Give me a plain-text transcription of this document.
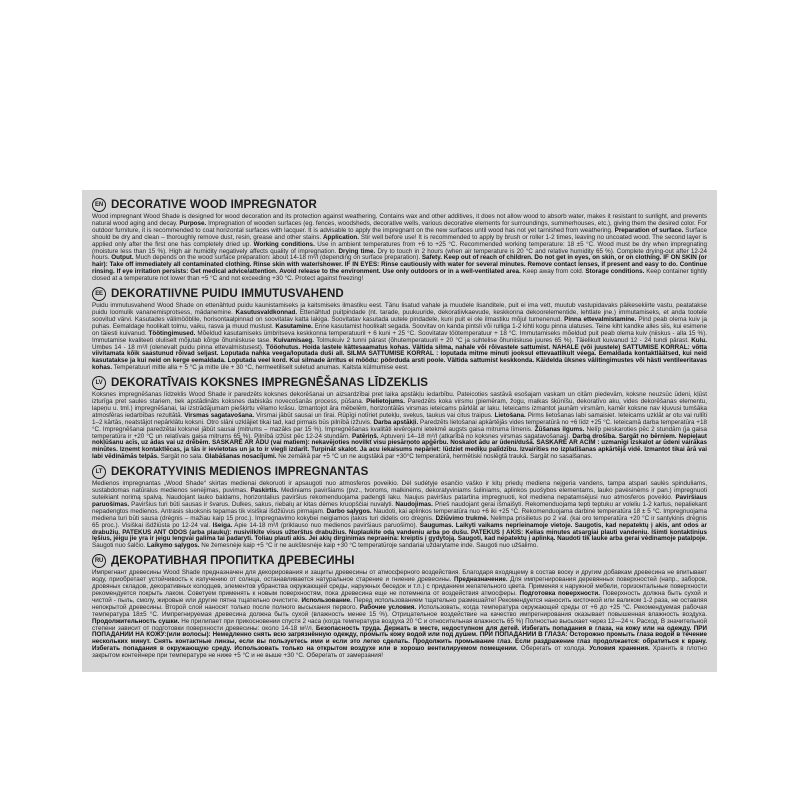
EN DECORATIVE WOOD IMPREGNATOR

Wood impregnant Wood Shade is designed for wood decoration and its protection against weathering. Contains wax and other additives, it does not allow wood to absorb water, makes it resistant to sunlight, and prevents natural wood aging and decay. Purpose. Impregnation of wooden surfaces (eg. fences, woodsheds, decorative wells, various decorative elements for surroundings, summerhouses, etc.), giving them the desired color. For outdoor furniture, it is recommended to coat horizontal surfaces with lacquer. It is advisable to apply the impregnant on the new surfaces until wood has not yet tarnished from weathering. Preparation of surface. Surface should be dry and clean – thoroughly remove dust, resin, grease and other stains. Application. Stir well before use! It is recommended to apply by brush or roller 1-2 times, leaving no uncoated wood. The second layer is applied only after the first one has completely dried up. Working conditions. Use in ambient temperatures from +6 to +25 °C. Recommended working temperature: 18 ±5 °C. Wood must be dry when impregnating (moisture less than 15 %). High air humidity negatively affects quality of impregnation. Drying time. Dry to touch in 2 hours (when air temperature is 20 °C and relative humidity 65 %). Complete drying-out after 12-24 hours. Output. Much depends on the wood surface preparation: about 14-18 m²/l (depending on surface preparation). Safety. Keep out of reach of children. Do not get in eyes, on skin, or on clothing. IF ON SKIN (or hair): Take off immediately all contaminated clothing. Rinse skin with water/shower. IF IN EYES: Rinse cautiously with water for several minutes. Remove contact lenses, if present and easy to do. Continue rinsing. If eye irritation persists: Get medical advice/attention. Avoid release to the environment. Use only outdoors or in a well-ventilated area. Keep away from cold. Storage conditions. Keep container tightly closed at a temperature not lower than +5 °C and not exceeding +30 °C. Protect against freezing!

EE DEKORATIIVNE PUIDU IMMUTUSVAHEND

Puidu immutusvahend Wood Shade on ettenähtud puidu kaunistamiseks ja kaitsmiseks ilmastiku eest. Tänu lisatud vahale ja muudele lisanditele, puit ei ima vett, muutub vastupidavaks päikesekiirte vastu, peatatakse puidu loomulik vananemisprotsess, mädanemine. Kasutusvaldkonnad. Ettenähtud puitpindade (nt. tarade, puukuuride, dekoratiivkaevude, keskkonna dekoorelementide, lehtlate jne.) immutamiseks, et anda tootele soovitud värvi. Kasutades välimööblile, horisontaalpinnad on soovitatav katta lakiga. Soovitatav kasutada uutele pindadele, kuni puit ei ole ilmastiku mõjul tumenenud. Pinna ettevalmistamine. Pind peab olema kuiv ja puhas. Eemaldage hoolikalt tolmu, vaiku, rasva ja muud mustust. Kasutamine. Enne kasutamist hoolikalt segada. Soovitav on kanda pintsli või rulliga 1-2 kihti kogu pinna ulatuses. Teine kiht kandke alles siis, kui esimene on täiesti kuivanud. Töötingimused. Mõeldud kasutamiseks ümbritseva keskkonna temperatuuril + 6 kuni + 25 °C. Soovitatav töötemperatuur + 18 °C. Immutamiseks mõeldud puit peab olema kuiv (niiskus - alla 15 %). Immutamise kvaliteeti oluliselt mõjutab kõrge õhuniiskuse tase. Kuivamisaeg. Tolmukuiv 2 tunni pärast (õhutemperatuuril + 20 °C ja suhtelise õhuniiskuse juures 65 %). Täielikult kuivanud 12 - 24 tundi pärast. Kulu. Umbes 14 - 18 m²/l (olenevalt puidu pinna ettevalmistusest). Tööohutus. Hoida lastele kättesaamatus kohas. Vältida silma, nahale või rõivastele sattumist. NAHALE (või juustele) SATTUMISE KORRAL: võtta viivitamata kõik saastunud rõivad seljast. Loputada nahka veega/loputada duši all. SILMA SATTUMISE KORRAL : loputada mitme minuti jooksul ettevaatlikult veega. Eemaldada kontaktläätsed, kui neid kasutatakse ja kui neid on kerge eemaldada. Loputada veel kord. Kui silmade ärritus ei möödu: pöörduda arsti poole. Vältida sattumist keskkonda. Käidelda üksnes välitingimustes või hästi ventileeritavas kohas. Temperatuuri mitte alla + 5 °C ja mitte üle + 30 °C, hermeetiliselt suletud anumas. Kaitsta külmumise eest.

LV DEKORATĪVAIS KOKSNES IMPREGNĒŠANAS LĪDZEKLIS

Koksnes impregnēšanas līdzeklis Wood Shade ir paredzēts koksnes dekorēšanai un aizsardzībai pret laika apstākļu iedarbību. Pateicoties sastāvā esošajam vaskam un citām piedevām, koksne neuzsūc ūdeni, kļūst izturīga pret saules stariem, tiek apstādināts koksnes dabiskās novecošanās process, pūšana. Pielietojums. Paredzēts koka virsmu (piemēram, žogu, malkas šķūnīšu, dekoratīvo aku, vides dekorēšanas elementu, lapeņu u. tml.) impregnēšanai, lai izstrādājumam piešķirtu vēlamo krāsu. Izmantojot āra mēbelēm, horizontālās virsmas ieteicams pārklāt ar laku. Ieteicams izmantot jaunām virsmām, kamēr koksne nav kļuvusi tumšāka atmosfēras iedarbības rezultātā. Virsmas sagatavošana. Virsmai jābūt sausai un tīrai. Rūpīgi notīriet putekļu, sveķus, taukus vai citus traipus. Lietošana. Pirms lietošanas labi samaisiet. Ieteicams uzklāt ar otu vai rullīti 1–2 kārtās, neatstājot nepārklātu koksni. Otro slāni uzklājiet tikai tad, kad pirmais būs pilnībā izžuvis. Darba apstākļi. Paredzēts lietošanai apkārtējās vides temperatūrā no +6 līdz +25 °C. Ieteicamā darba temperatūra +18 °C. Impregnēšanai paredzētai koksnei jābūt sausai (mitrums – mazāks par 15 %). Impregnēšanas kvalitāti ievērojami ietekmē augsts gaisa mitruma līmenis. Žūšanas ilgums. Nelīp pieskaroties pēc 2 stundām (ja gaisa temperatūra ir +20 °C un relatīvais gaisa mitrums 65 %). Pilnībā izžūst pēc 12-24 stundām. Patēriņš. Aptuveni 14–18 m²/l (atkarībā no koksnes virsmas sagatavošanas). Darba drošība. Sargāt no bērniem. Nepieļaut nokļūšanu acīs, uz ādas vai uz drēbēm. SASKARĒ AR ĀDU (vai matiem): nekavējoties novilkt visu piesārņoto apģērbu. Noskalot ādu ar ūdeni/dušā. SASKARĒ AR ACĪM : uzmanīgi izskalot ar ūdeni vairākas minūtes. Izņemt kontaktlēcas, ja tās ir ievietotas un ja to ir viegli izdarīt. Turpināt skalot. Ja acu iekaisums nepāriet: lūdziet mediķu palīdzību. Izvairīties no izplatīšanas apkārtējā vidē. Izmantot tikai ārā vai labi vēdināmās telpās. Sargāt no sala. Glabāšanas nosacījumi. Ne zemākā par +5 °C un ne augstākā par +30°C temperatūrā, hermētiski noslēgtā traukā. Sargāt no sasalšanas.

LT DEKORATYVINIS MEDIENOS IMPREGNANTAS

Medienos impregnantas „Wood Shade“ skirtas medienai dekoruoti ir apsaugoti nuo atmosferos poveikio. Dėl sudėtyje esančio vaško ir kitų priedų mediena neįgeria vandens, tampa atspari saulės spinduliams, sustabdomas natūralus medienos senėjimas, puvimas. Paskirtis. Mediniams paviršiams (pvz., tvoroms, malkinėms, dekoratyviniams šuliniams, aplinkos puošybos elementams, lauko pavėsinėms ir pan.) impregnuoti suteikiant norimą spalvą. Naudojant lauko baldams, horizontalius paviršius rekomenduojama padengti laku. Naujus paviršius patartina impregnuoti, kol mediena nepatamsėjusi nuo atmosferos poveikio. Paviršiaus paruošimas. Paviršius turi būti sausas ir švarus. Dulkes, sakus, riebalų ar kitas dėmes kruopščiai nuvalyti. Naudojimas. Prieš naudojant gerai išmaišyti. Rekomenduojama tepti teptuku ar voleliu 1-2 kartus, nepaliekant nepadengtos medienos. Antrasis sluoksnis tepamas tik visiškai išdžiūvus pirmajam. Darbo sąlygos. Naudoti, kai aplinkos temperatūra nuo +6 iki +25 °C. Rekomenduojama darbinė temperatūra 18 ± 5 °C. Impregnuojama mediena turi būti sausa (drėgnis – mažiau kaip 15 proc.). Impregnavimo kokybei neigiamos įtakos turi didelis oro drėgnis. Džiūvimo trukmė. Nelimpa prisilietus po 2 val. (kai oro temperatūra +20 °C ir santykinis drėgnis 65 proc.). Visiškai išdžiūsta po 12-24 val. Išeiga. Apie 14-18 m²/l (priklauso nuo medienos paviršiaus paruošimo). Saugumas. Laikyti vaikams neprieinamoje vietoje. Saugotis, kad nepatektų į akis, ant odos ar drabužių. PATEKUS ANT ODOS (arba plaukų): nusivilkite visus užterštus drabužius. Nuplaukite odą vandeniu arba po dušu. PATEKUS Į AKIS: Kelias minutes atsargiai plauti vandeniu. Išimti kontaktinius lęšius, jeigu jie yra ir jeigu lengvai galima tai padaryti. Toliau plauti akis. Jei akių dirginimas nepraeina: kreiptis į gydytoją. Saugoti, kad nepatektų į aplinką. Naudoti tik lauke arba gerai vėdinamoje patalpoje. Saugoti nuo šalčio. Laikymo sąlygos. Ne žemesnėje kaip +5 °C ir ne aukštesnėje kaip +30 °C temperatūroje sandariai uždarytame inde. Saugoti nuo užšalimo.

RU ДЕКОРАТИВНАЯ ПРОПИТКА ДРЕВЕСИНЫ

Импрегнант древесины Wood Shade предназначен для декорирования и защиты древесины от атмосферного воздействия. Благодаря входящему в состав воску и другим добавкам древесина не впитывает воду, приобретает устойчивость к излучению от солнца, останавливается натуральное старение и гниение древесины. Предназначение. Для импрегнирования деревянных поверхностей (напр., заборов, дровяных складов, декоративных колодцев, элементов убранства окружающей среды, наружных беседок и т.п.) с приданием желательного цвета. Применяя к наружной мебели, горизонтальные поверхности рекомендуется покрыть лаком. Советуем применять к новым поверхностям, пока древесина еще не потемнела от воздействия атмосферы. Подготовка поверхности. Поверхность должна быть сухой и чистой - пыль, смолу, жировые или другие пятна тщательно очистите. Использование. Перед использованием тщательно размешайте! Рекомендуется наносить кисточкой или валиком 1-2 раза, не оставляя непокрытой древесины. Второй слой наносят только после полного высыхания первого. Рабочие условия. Использовать, когда температура окружающей среды от +6 до +25 °C. Рекомендуемая рабочая температура 18±5 °C. Импрегнируемая древесина должна быть сухой (влажность менее 15 %). Отрицательное воздействие на качество импрегнирования оказывает повышенная влажность воздуха. Продолжительность сушки. Не прилипает при прикосновении спустя 2 часа (когда температура воздуха 20 °C и относительная влажность 65 %) Полностью высыхает через 12—24 ч. Расход. В значительной степени зависит от подготовки поверхности древесины: около 14-18 м²/л. Безопасность труда. Держать в месте, недоступном для детей. Избегать попадания в глаза, на кожу или на одежду. ПРИ ПОПАДАНИИ НА КОЖУ:(или волосы): Немедленно снять всю загрязнённую одежду, промыть кожу водой или под душем. ПРИ ПОПАДАНИИ В ГЛАЗА: Осторожно промыть глаза водой в течение нескольких минут. Снять контактные линзы, если вы пользуетесь ими и если это легко сделать. Продолжить промывание глаз. Если раздражение глаз продолжается: обратиться к врачу. Избегать попадания в окружающую среду. Использовать только на открытом воздухе или в хорошо вентилируемом помещении. Оберегать от холода. Условия хранения. Хранить в плотно закрытом контейнере при температуре не ниже +5 °C и не выше +30 °C. Оберегать от замерзания!
